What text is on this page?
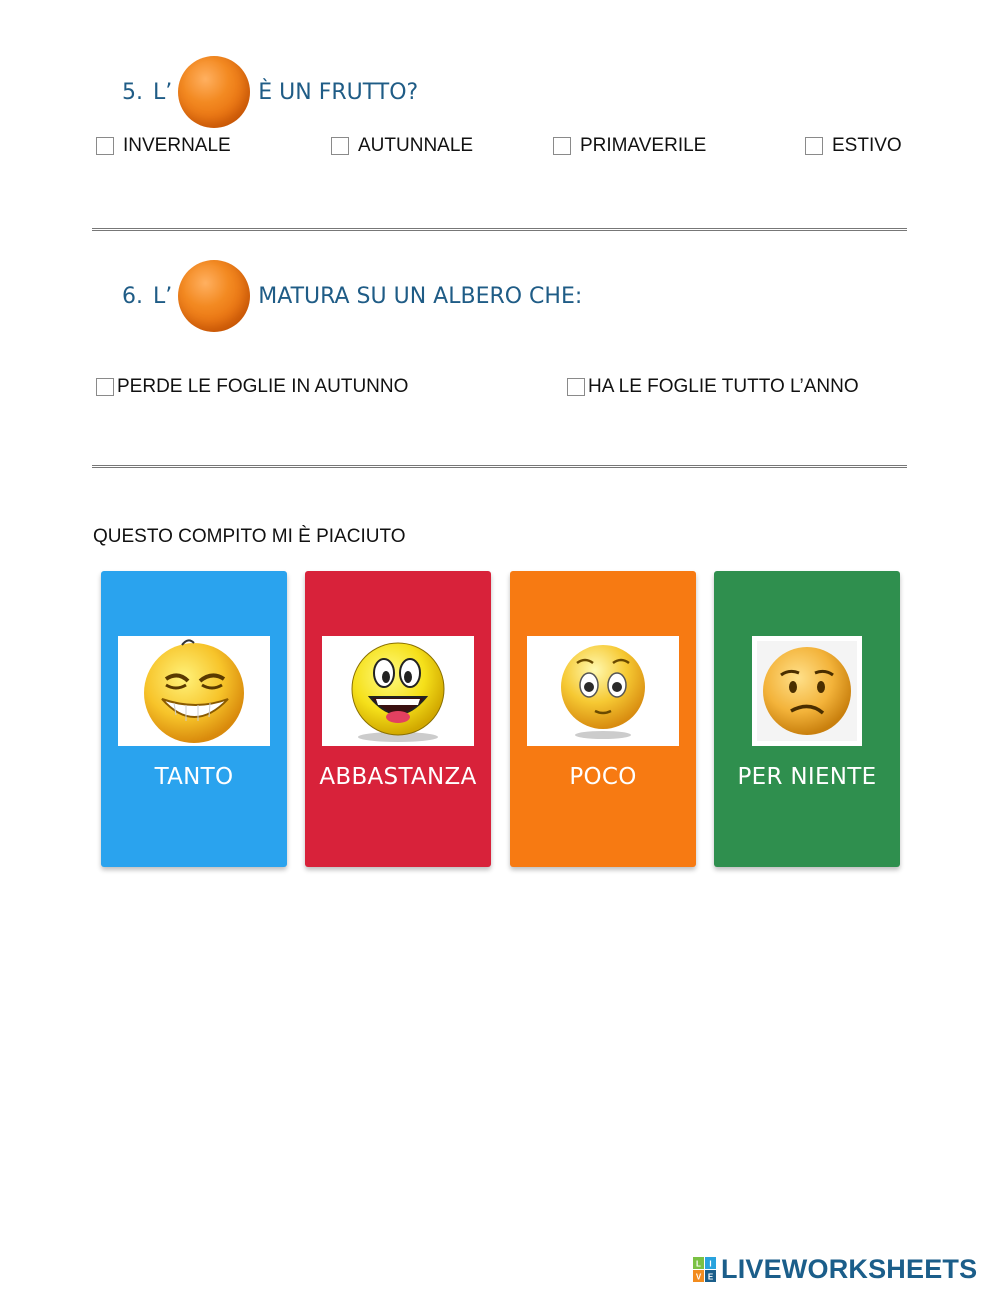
5. L’	È UN FRUTTO?
INVERNALE	AUTUNNALE	PRIMAVERILE	ESTIVO
6. L’	MATURA SU UN ALBERO CHE:
PERDE LE FOGLIE IN AUTUNNO	HA LE FOGLIE TUTTO L’ANNO
QUESTO COMPITO MI È PIACIUTO
TANTO	ABBASTANZA	POCO	PER NIENTE
L I
V E LIVEWORKSHEETS
